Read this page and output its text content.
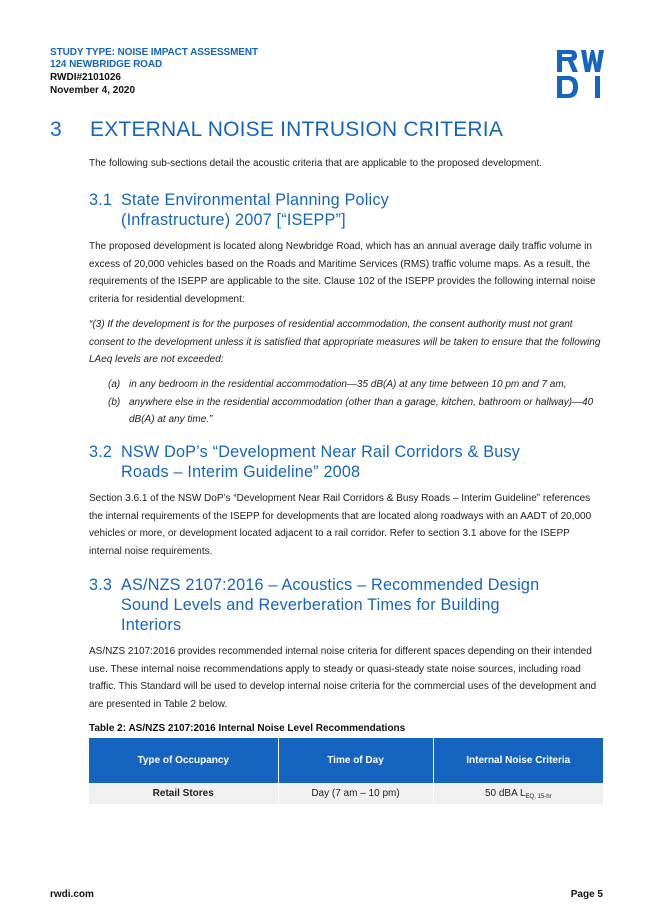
STUDY TYPE: NOISE IMPACT ASSESSMENT
124 NEWBRIDGE ROAD
RWDI#2101026
November 4, 2020
3 EXTERNAL NOISE INTRUSION CRITERIA

The following sub-sections detail the acoustic criteria that are applicable to the proposed development.

3.1 State Environmental Planning Policy
(Infrastructure) 2007 [“ISEPP”]

The proposed development is located along Newbridge Road, which has an annual average daily traffic volume in excess of 20,000 vehicles based on the Roads and Maritime Services (RMS) traffic volume maps. As a result, the requirements of the ISEPP are applicable to the site. Clause 102 of the ISEPP provides the following internal noise criteria for residential development:

“(3) If the development is for the purposes of residential accommodation, the consent authority must not grant consent to the development unless it is satisfied that appropriate measures will be taken to ensure that the following LAeq levels are not exceeded:

(a) in any bedroom in the residential accommodation—35 dB(A) at any time between 10 pm and 7 am,
(b) anywhere else in the residential accommodation (other than a garage, kitchen, bathroom or hallway)—40 dB(A) at any time.”
3.2 NSW DoP’s “Development Near Rail Corridors & Busy
Roads – Interim Guideline” 2008

Section 3.6.1 of the NSW DoP’s “Development Near Rail Corridors & Busy Roads – Interim Guideline” references the internal requirements of the ISEPP for developments that are located along roadways with an AADT of 20,000 vehicles or more, or development located adjacent to a rail corridor. Refer to section 3.1 above for the ISEPP internal noise requirements.

3.3 AS/NZS 2107:2016 – Acoustics – Recommended Design
Sound Levels and Reverberation Times for Building
Interiors

AS/NZS 2107:2016 provides recommended internal noise criteria for different spaces depending on their intended use. These internal noise recommendations apply to steady or quasi-steady state noise sources, including road traffic. This Standard will be used to develop internal noise criteria for the commercial uses of the development and are presented in Table 2 below.

Table 2: AS/NZS 2107:2016 Internal Noise Level Recommendations
Type of Occupancy	Time of Day	Internal Noise Criteria
Retail Stores	Day (7 am – 10 pm)	50 dBA $L_{EQ, 15-hr}$
rwdi.com	Page 5
